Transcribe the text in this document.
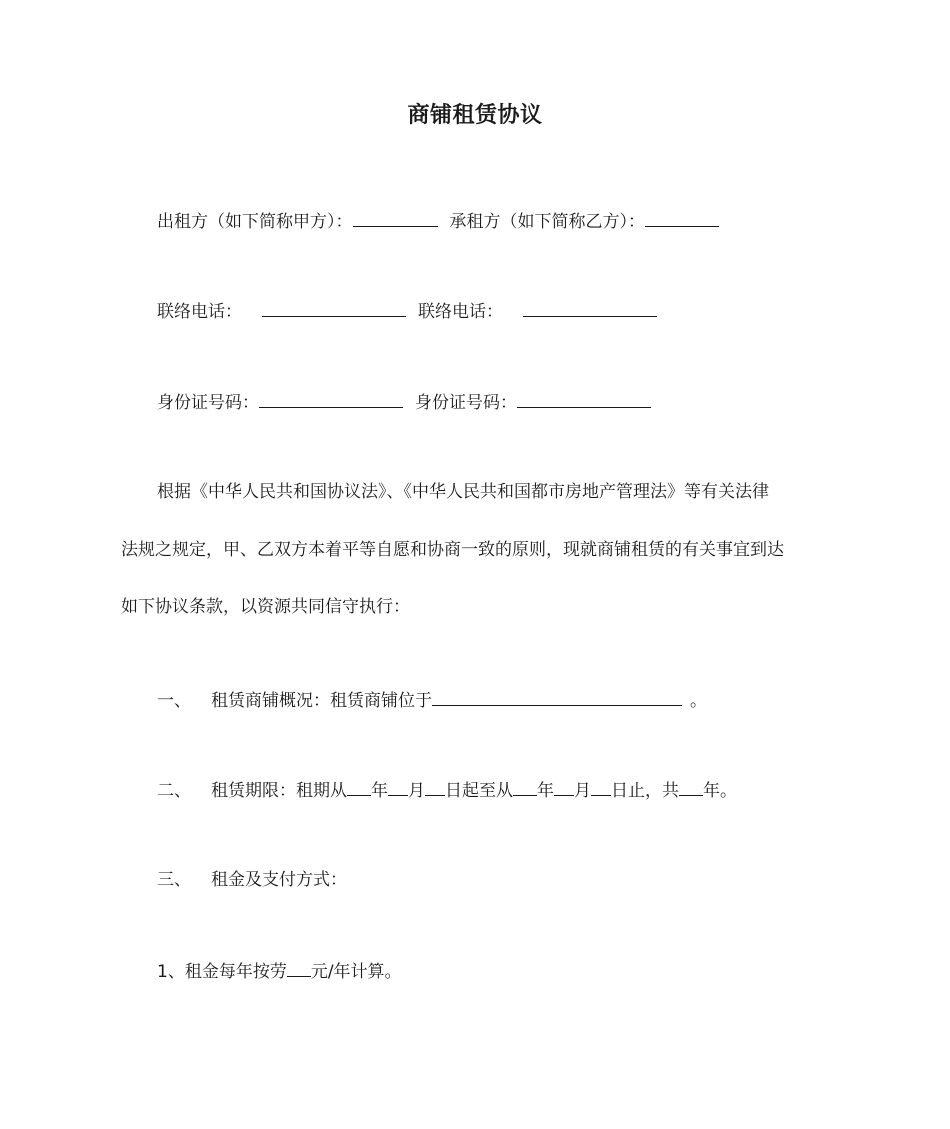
商铺租赁协议
出租方（如下简称甲方）：	承租方（如下简称乙方）：
联络电话：	联络电话：
身份证号码：	身份证号码：
根据《中华人民共和国协议法》、《中华人民共和国都市房地产管理法》等有关法律
法规之规定，甲、乙双方本着平等自愿和协商一致的原则，现就商铺租赁的有关事宜到达
如下协议条款，以资源共同信守执行：
一、 租赁商铺概况：租赁商铺位于	。
二、 租赁期限：租期从 年 月 日起至从 年 月 日止，共 年。
三、 租金及支付方式：
1、租金每年按劳 元/年计算。
